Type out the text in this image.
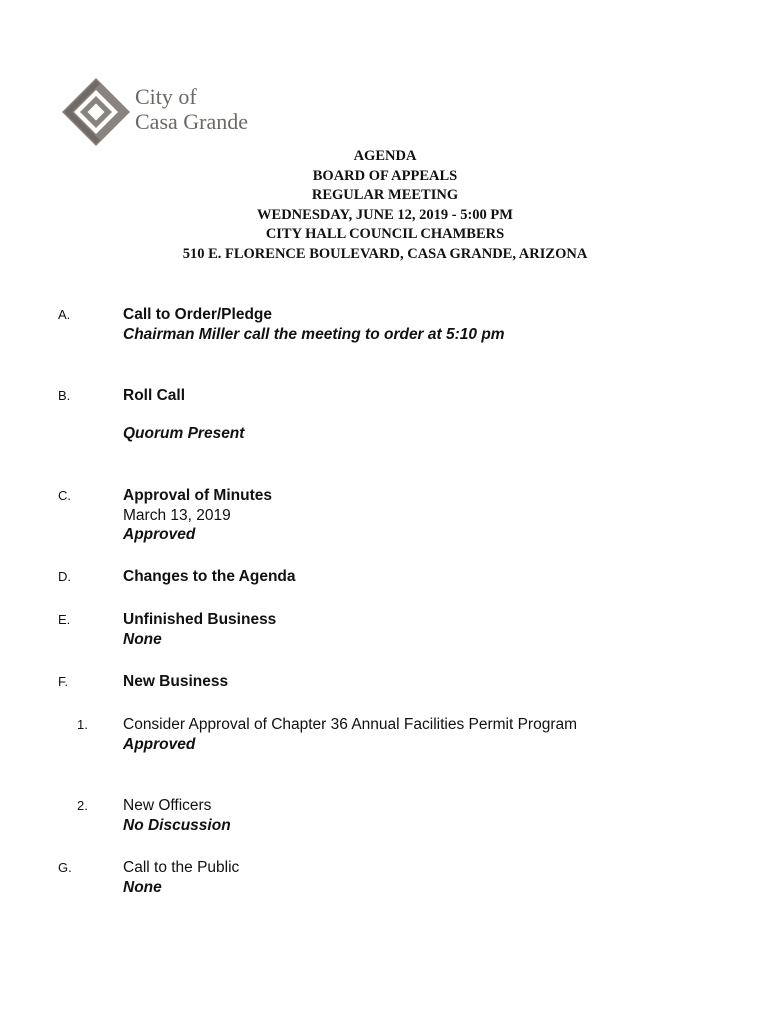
City of
Casa Grande
AGENDA
BOARD OF APPEALS
REGULAR MEETING
WEDNESDAY, JUNE 12, 2019 - 5:00 PM
CITY HALL COUNCIL CHAMBERS
510 E. FLORENCE BOULEVARD, CASA GRANDE, ARIZONA
A.	Call to Order/Pledge
Chairman Miller call the meeting to order at 5:10 pm
B.	Roll Call
Quorum Present
C.	Approval of Minutes
March 13, 2019
Approved
D.	Changes to the Agenda
E.	Unfinished Business
None
F.	New Business
1. Consider Approval of Chapter 36 Annual Facilities Permit Program
Approved
2. New Officers
No Discussion
G.	Call to the Public
None
